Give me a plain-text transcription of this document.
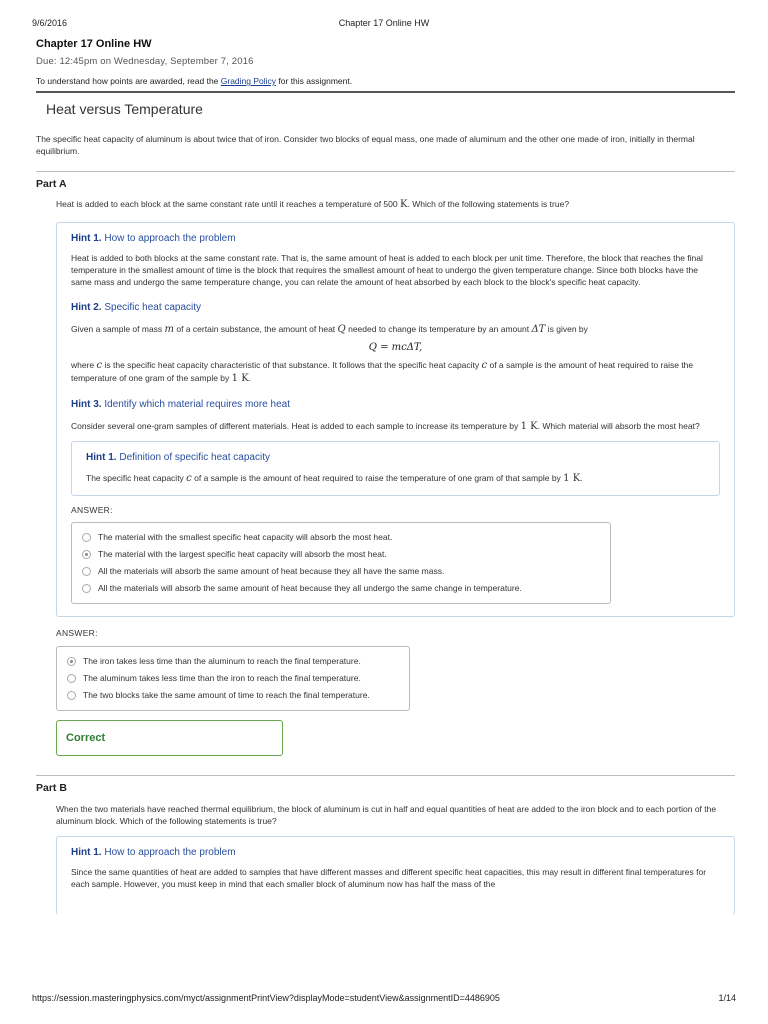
9/6/2016	Chapter 17 Online HW
Chapter 17 Online HW
Due: 12:45pm on Wednesday, September 7, 2016
To understand how points are awarded, read the Grading Policy for this assignment.
Heat versus Temperature
The specific heat capacity of aluminum is about twice that of iron. Consider two blocks of equal mass, one made of aluminum and the other one made of iron, initially in thermal equilibrium.
Part A
Heat is added to each block at the same constant rate until it reaches a temperature of 500 K. Which of the following statements is true?
Hint 1. How to approach the problem
Heat is added to both blocks at the same constant rate. That is, the same amount of heat is added to each block per unit time. Therefore, the block that reaches the final temperature in the smallest amount of time is the block that requires the smallest amount of heat to undergo the given temperature change. Since both blocks have the same mass and undergo the same temperature change, you can relate the amount of heat absorbed by each block to the block's specific heat capacity.
Hint 2. Specific heat capacity
Given a sample of mass m of a certain substance, the amount of heat Q needed to change its temperature by an amount ΔT is given by
Q = mcΔT,
where c is the specific heat capacity characteristic of that substance. It follows that the specific heat capacity c of a sample is the amount of heat required to raise the temperature of one gram of the sample by 1 K.
Hint 3. Identify which material requires more heat
Consider several one-gram samples of different materials. Heat is added to each sample to increase its temperature by 1 K. Which material will absorb the most heat?
Hint 1. Definition of specific heat capacity
The specific heat capacity c of a sample is the amount of heat required to raise the temperature of one gram of that sample by 1 K.
ANSWER:
The material with the smallest specific heat capacity will absorb the most heat.
The material with the largest specific heat capacity will absorb the most heat.
All the materials will absorb the same amount of heat because they all have the same mass.
All the materials will absorb the same amount of heat because they all undergo the same change in temperature.
ANSWER:
The iron takes less time than the aluminum to reach the final temperature.
The aluminum takes less time than the iron to reach the final temperature.
The two blocks take the same amount of time to reach the final temperature.
Correct
Part B
When the two materials have reached thermal equilibrium, the block of aluminum is cut in half and equal quantities of heat are added to the iron block and to each portion of the aluminum block. Which of the following statements is true?
Hint 1. How to approach the problem
Since the same quantities of heat are added to samples that have different masses and different specific heat capacities, this may result in different final temperatures for each sample. However, you must keep in mind that each smaller block of aluminum now has half the mass of the
https://session.masteringphysics.com/myct/assignmentPrintView?displayMode=studentView&assignmentID=4486905	1/14
